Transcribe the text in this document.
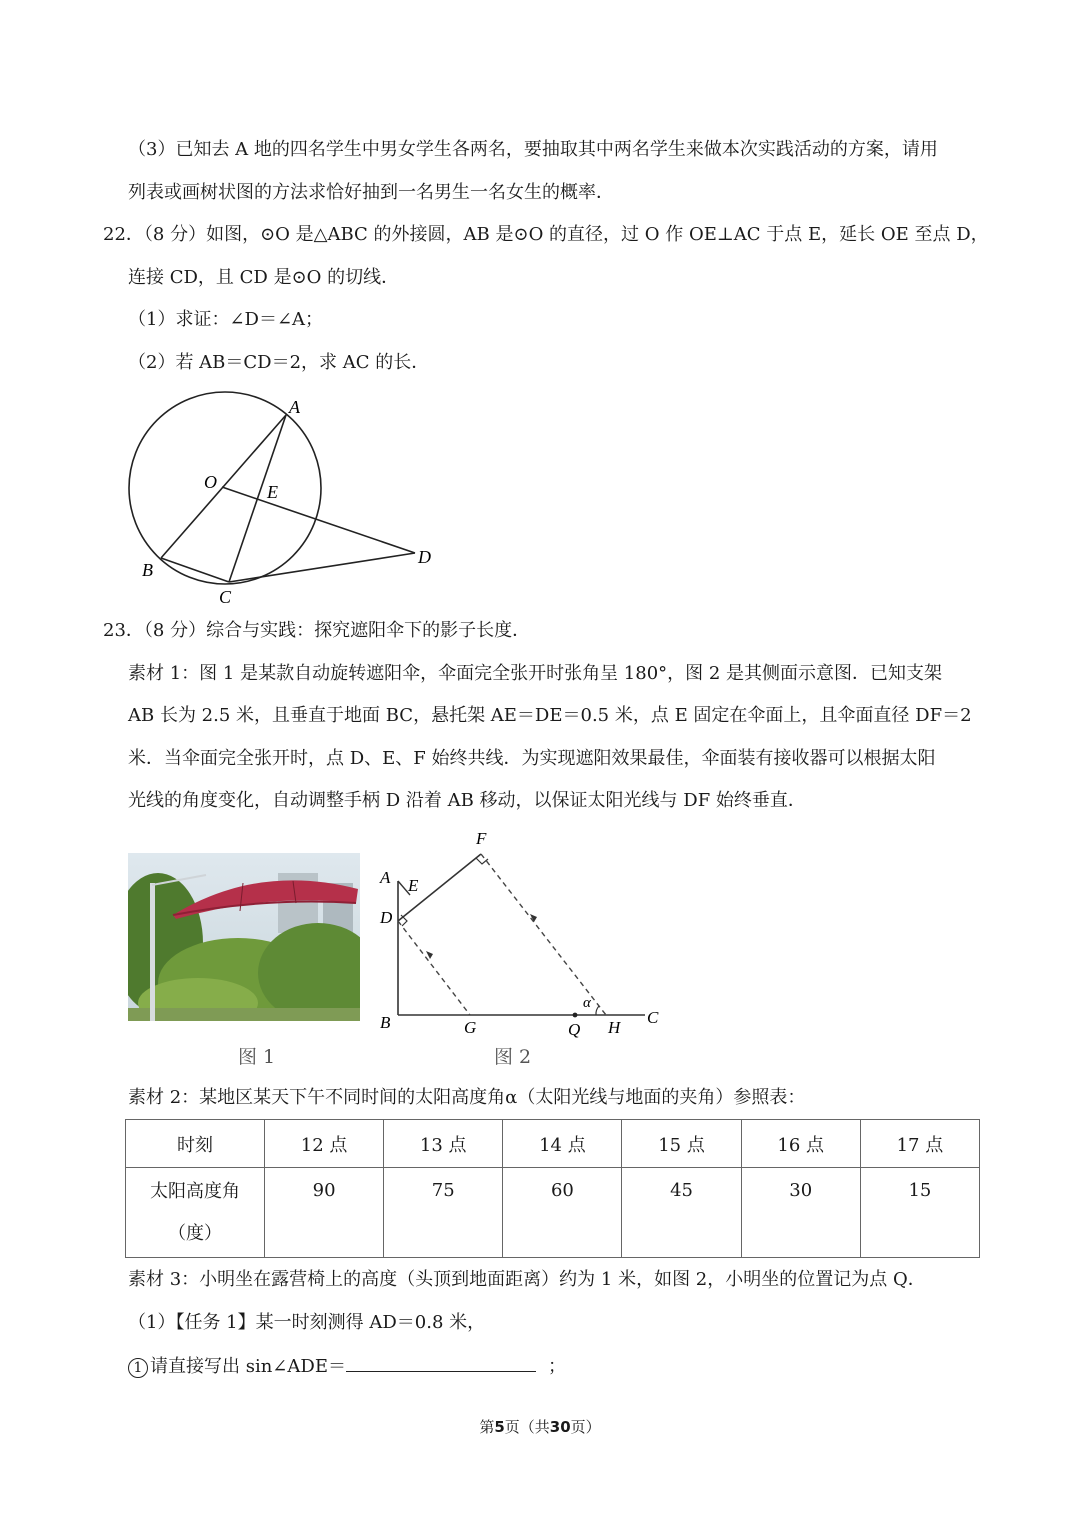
（3）已知去 A 地的四名学生中男女学生各两名，要抽取其中两名学生来做本次实践活动的方案，请用
列表或画树状图的方法求恰好抽到一名男生一名女生的概率．
22．（8 分）如图，⊙O 是△ABC 的外接圆，AB 是⊙O 的直径，过 O 作 OE⊥AC 于点 E，延长 OE 至点 D，
连接 CD，且 CD 是⊙O 的切线．
（1）求证：∠D＝∠A；
（2）若 AB＝CD＝2，求 AC 的长．
A
O	E
B
C
D
23．（8 分）综合与实践：探究遮阳伞下的影子长度．
素材 1：图 1 是某款自动旋转遮阳伞，伞面完全张开时张角呈 180°，图 2 是其侧面示意图．已知支架
AB 长为 2.5 米，且垂直于地面 BC，悬托架 AE＝DE＝0.5 米，点 E 固定在伞面上，且伞面直径 DF＝2
米．当伞面完全张开时，点 D、E、F 始终共线．为实现遮阳效果最佳，伞面装有接收器可以根据太阳
光线的角度变化，自动调整手柄 D 沿着 AB 移动，以保证太阳光线与 DF 始终垂直．
图 1
A E
D
F
B	G	Q H
C
α
图 2
素材 2：某地区某天下午不同时间的太阳高度角α（太阳光线与地面的夹角）参照表：
时刻	12 点	13 点	14 点	15 点	16 点	17 点

太阳高度角
（度）	90	75	60	45	30	15
素材 3：小明坐在露营椅上的高度（头顶到地面距离）约为 1 米，如图 2，小明坐的位置记为点 Q．
（1）【任务 1】某一时刻测得 AD＝0.8 米，
1 请直接写出 sin∠ADE＝	；
第5页（共30页）
